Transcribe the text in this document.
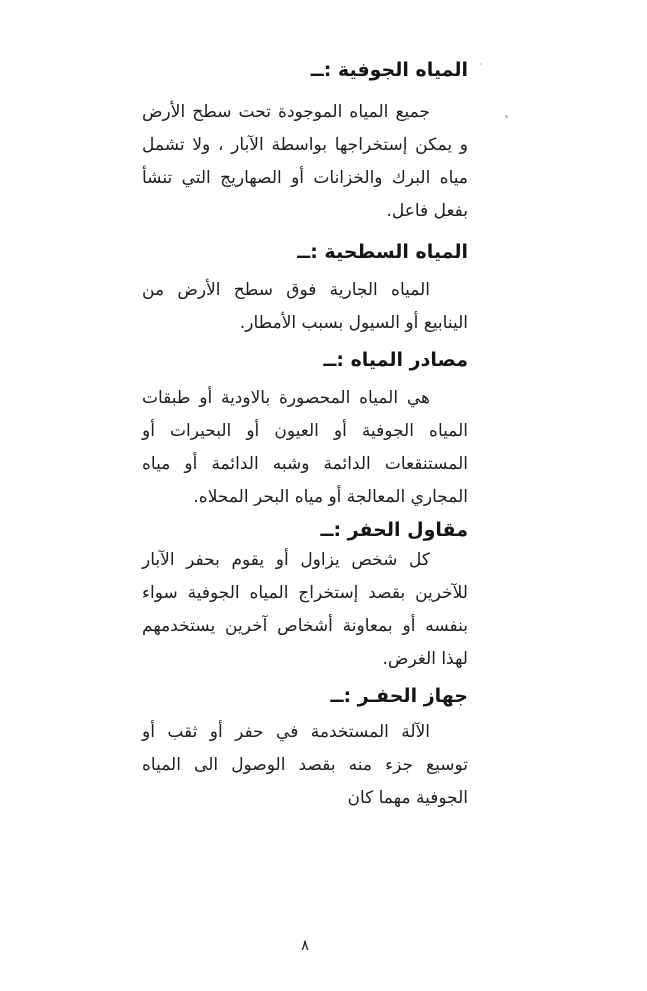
المياه الجوفية :ــ

جميع المياه الموجودة تحت سطح الأرض و يمكن إستخراجها بواسطة الآبار ، ولا تشمل مياه البرك والخزانات أو الصهاريج التي تنشأ بفعل فاعل.

المياه السطحية :ــ

المياه الجارية فوق سطح الأرض من الينابيع أو السيول بسبب الأمطار.

مصادر المياه :ــ

هي المياه المحصورة بالاودية أو طبقات المياه الجوفية أو العيون أو البحيرات أو المستنقعات الدائمة وشبه الدائمة أو مياه المجاري المعالجة أو مياه البحر المحلاه.

مقاول الحفر :ــ

كل شخص يزاول أو يقوم بحفر الآبار للآخرين بقصد إستخراج المياه الجوفية سواء بنفسه أو بمعاونة أشخاص آخرين يستخدمهم لهذا الغرض.

جهاز الحفـر :ــ

الآلة المستخدمة في حفر أو ثقب أو توسيع جزء منه بقصد الوصول الى المياه الجوفية مهما كان

٨
